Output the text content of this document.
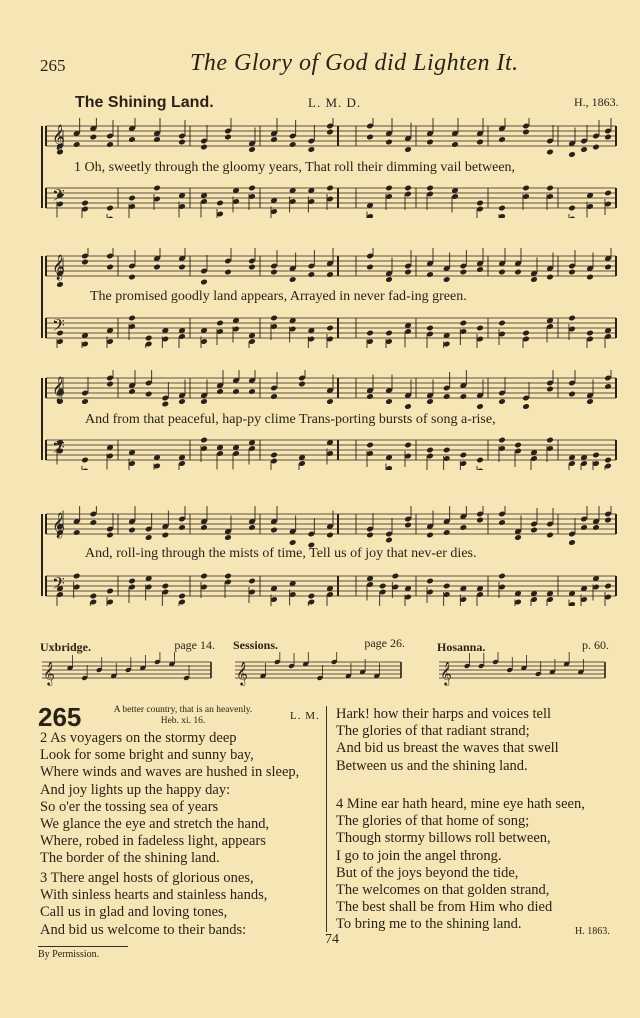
265	The Glory of God did Lighten It.
The Shining Land.	L. M. D.	H., 1863.
𝄞
𝄢
1 Oh, sweetly through the gloomy years, That roll their dimming vail between,
𝄞
𝄢
The promised goodly land appears, Arrayed in never fad-ing green.
𝄞
𝄢
And from that peaceful, hap-py clime Trans-porting bursts of song a-rise,
𝄞
𝄢
And, roll-ing through the mists of time, Tell us of joy that nev-er dies.
Uxbridge.	page 14. Sessions.	page 26.	Hosanna.	p. 60.
𝄞	𝄞	𝄞
265	A better country, that is an heavenly.
Heb. xi. 16.	L. M.
2 As voyagers on the stormy deep
Look for some bright and sunny bay,
Where winds and waves are hushed in sleep,
And joy lights up the happy day:
So o'er the tossing sea of years
We glance the eye and stretch the hand,
Where, robed in fadeless light, appears
The border of the shining land.
3 There angel hosts of glorious ones,
With sinless hearts and stainless hands,
Call us in glad and loving tones,
And bid us welcome to their bands:
Hark! how their harps and voices tell
The glories of that radiant strand;
And bid us breast the waves that swell
Between us and the shining land.
4 Mine ear hath heard, mine eye hath seen,
The glories of that home of song;
Though stormy billows roll between,
I go to join the angel throng.
But of the joys beyond the tide,
The welcomes on that golden strand,
The best shall be from Him who died
To bring me to the shining land.	H. 1863.
74
By Permission.
